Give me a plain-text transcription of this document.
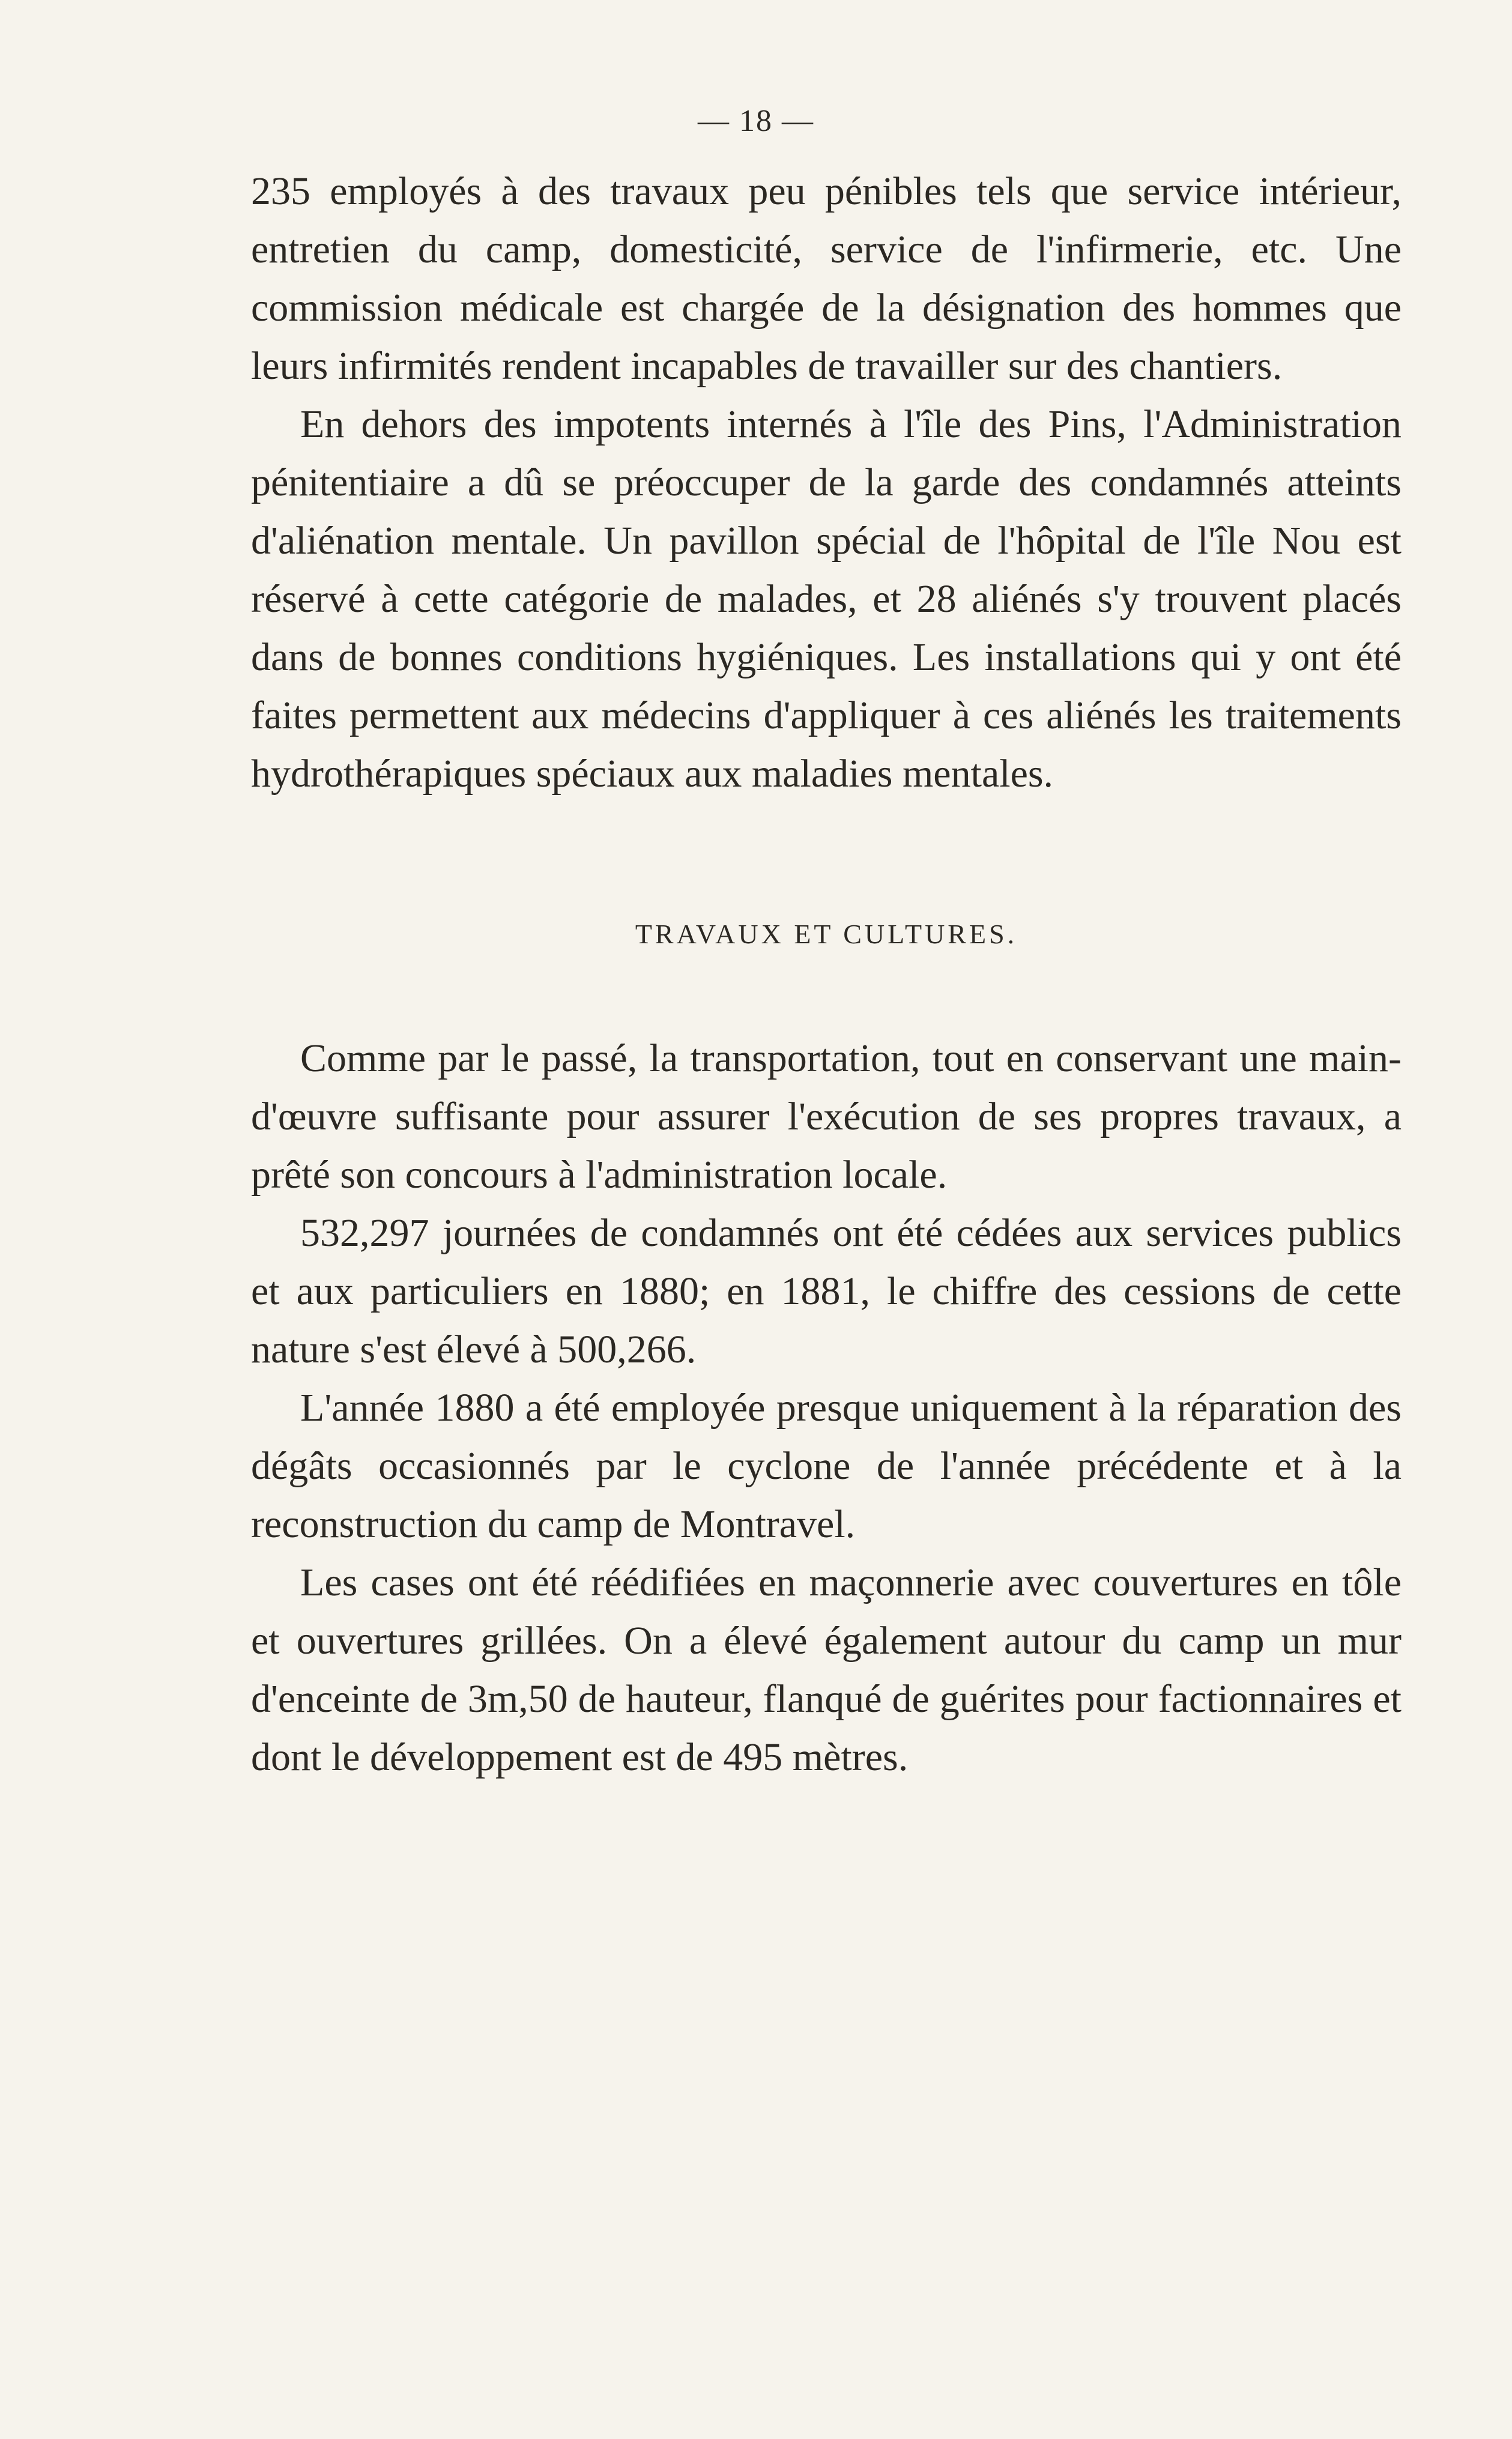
— 18 —

235 employés à des travaux peu pénibles tels que service intérieur, entretien du camp, domesticité, service de l'infirmerie, etc. Une commission médicale est chargée de la désignation des hommes que leurs infirmités rendent incapables de travailler sur des chantiers.

En dehors des impotents internés à l'île des Pins, l'Administration pénitentiaire a dû se préoccuper de la garde des condamnés atteints d'aliénation mentale. Un pavillon spécial de l'hôpital de l'île Nou est réservé à cette catégorie de malades, et 28 aliénés s'y trouvent placés dans de bonnes conditions hygiéniques. Les installations qui y ont été faites permettent aux médecins d'appliquer à ces aliénés les traitements hydrothérapiques spéciaux aux maladies mentales.

TRAVAUX ET CULTURES.

Comme par le passé, la transportation, tout en conservant une main-d'œuvre suffisante pour assurer l'exécution de ses propres travaux, a prêté son concours à l'administration locale.

532,297 journées de condamnés ont été cédées aux services publics et aux particuliers en 1880; en 1881, le chiffre des cessions de cette nature s'est élevé à 500,266.

L'année 1880 a été employée presque uniquement à la réparation des dégâts occasionnés par le cyclone de l'année précédente et à la reconstruction du camp de Montravel.

Les cases ont été réédifiées en maçonnerie avec couvertures en tôle et ouvertures grillées. On a élevé également autour du camp un mur d'enceinte de 3m,50 de hauteur, flanqué de guérites pour factionnaires et dont le développement est de 495 mètres.
